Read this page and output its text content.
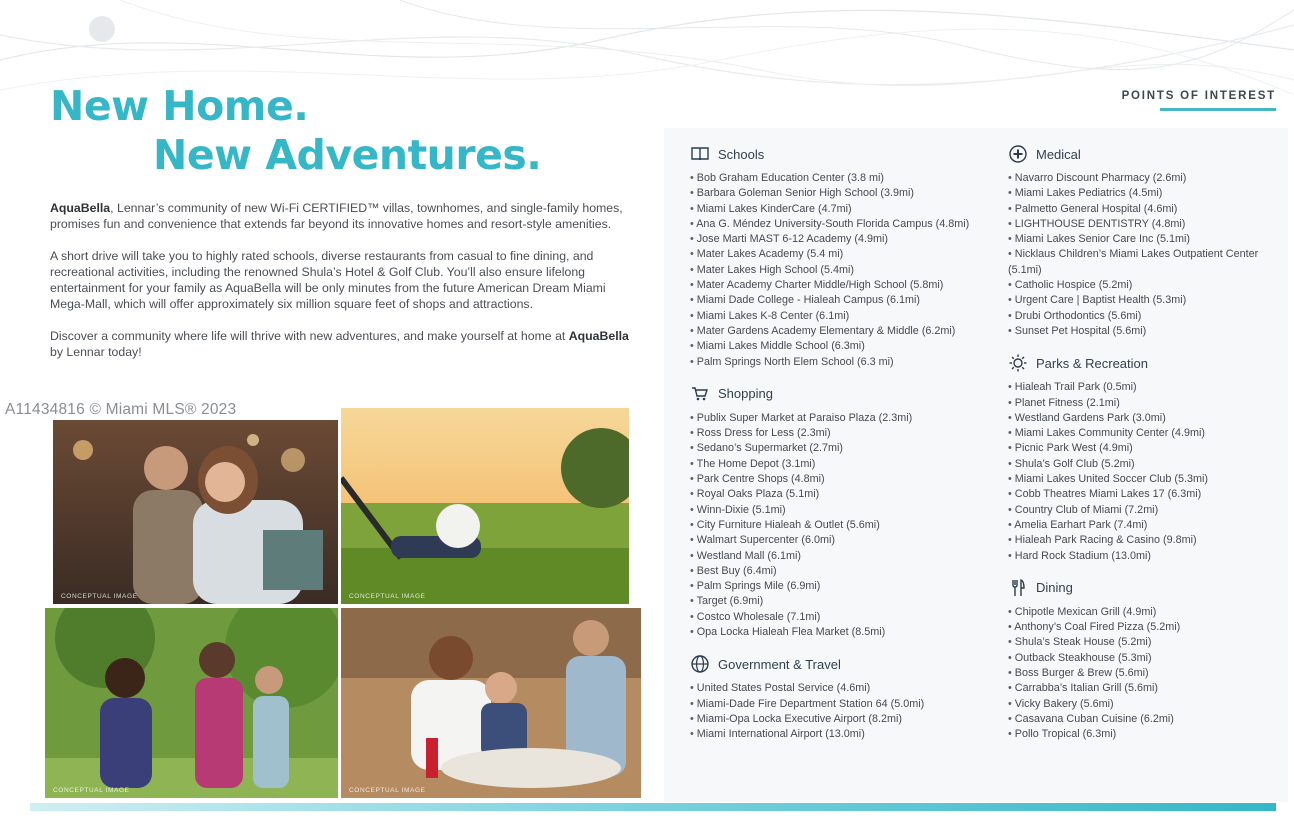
New Home.
New Adventures.
POINTS OF INTEREST

AquaBella, Lennar’s community of new Wi-Fi CERTIFIED™ villas, townhomes, and single-family homes, promises fun and convenience that extends far beyond its innovative homes and resort-style amenities.

A short drive will take you to highly rated schools, diverse restaurants from casual to fine dining, and recreational activities, including the renowned Shula’s Hotel & Golf Club. You’ll also ensure lifelong entertainment for your family as AquaBella will be only minutes from the future American Dream Miami Mega-Mall, which will offer approximately six million square feet of shops and attractions.

Discover a community where life will thrive with new adventures, and make yourself at home at AquaBella by Lennar today!

A11434816 © Miami MLS® 2023
CONCEPTUAL IMAGE	CONCEPTUAL IMAGE
CONCEPTUAL IMAGE	CONCEPTUAL IMAGE
Schools
• Bob Graham Education Center (3.8 mi)
• Barbara Goleman Senior High School (3.9mi)
• Miami Lakes KinderCare (4.7mi)
• Ana G. Méndez University-South Florida Campus (4.8mi)
• Jose Marti MAST 6-12 Academy (4.9mi)
• Mater Lakes Academy (5.4 mi)
• Mater Lakes High School (5.4mi)
• Mater Academy Charter Middle/High School (5.8mi)
• Miami Dade College - Hialeah Campus (6.1mi)
• Miami Lakes K-8 Center (6.1mi)
• Mater Gardens Academy Elementary & Middle (6.2mi)
• Miami Lakes Middle School (6.3mi)
• Palm Springs North Elem School (6.3 mi)
Shopping
• Publix Super Market at Paraiso Plaza (2.3mi)
• Ross Dress for Less (2.3mi)
• Sedano’s Supermarket (2.7mi)
• The Home Depot (3.1mi)
• Park Centre Shops (4.8mi)
• Royal Oaks Plaza (5.1mi)
• Winn-Dixie (5.1mi)
• City Furniture Hialeah & Outlet (5.6mi)
• Walmart Supercenter (6.0mi)
• Westland Mall (6.1mi)
• Best Buy (6.4mi)
• Palm Springs Mile (6.9mi)
• Target (6.9mi)
• Costco Wholesale (7.1mi)
• Opa Locka Hialeah Flea Market (8.5mi)
Government & Travel
• United States Postal Service (4.6mi)
• Miami-Dade Fire Department Station 64 (5.0mi)
• Miami-Opa Locka Executive Airport (8.2mi)
• Miami International Airport (13.0mi)
Medical
• Navarro Discount Pharmacy (2.6mi)
• Miami Lakes Pediatrics (4.5mi)
• Palmetto General Hospital (4.6mi)
• LIGHTHOUSE DENTISTRY (4.8mi)
• Miami Lakes Senior Care Inc (5.1mi)
• Nicklaus Children’s Miami Lakes Outpatient Center (5.1mi)
• Catholic Hospice (5.2mi)
• Urgent Care | Baptist Health (5.3mi)
• Drubi Orthodontics (5.6mi)
• Sunset Pet Hospital (5.6mi)
Parks & Recreation
• Hialeah Trail Park (0.5mi)
• Planet Fitness (2.1mi)
• Westland Gardens Park (3.0mi)
• Miami Lakes Community Center (4.9mi)
• Picnic Park West (4.9mi)
• Shula’s Golf Club (5.2mi)
• Miami Lakes United Soccer Club (5.3mi)
• Cobb Theatres Miami Lakes 17 (6.3mi)
• Country Club of Miami (7.2mi)
• Amelia Earhart Park (7.4mi)
• Hialeah Park Racing & Casino (9.8mi)
• Hard Rock Stadium (13.0mi)
Dining
• Chipotle Mexican Grill (4.9mi)
• Anthony’s Coal Fired Pizza (5.2mi)
• Shula’s Steak House (5.2mi)
• Outback Steakhouse (5.3mi)
• Boss Burger & Brew (5.6mi)
• Carrabba’s Italian Grill (5.6mi)
• Vicky Bakery (5.6mi)
• Casavana Cuban Cuisine (6.2mi)
• Pollo Tropical (6.3mi)
